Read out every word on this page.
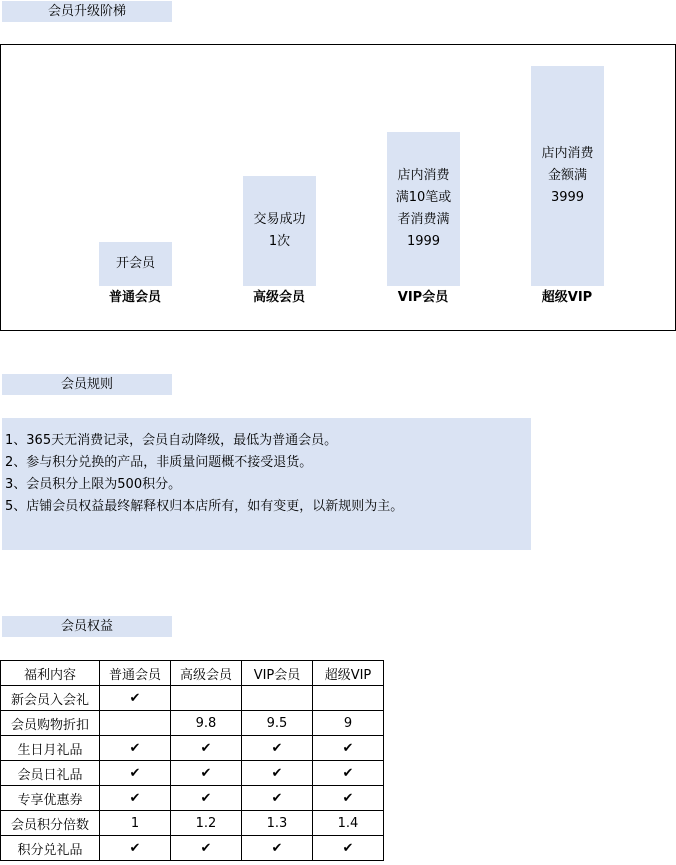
会员升级阶梯
开会员
交易成功
1次
店内消费
满10笔或
者消费满
1999
店内消费
金额满
3999
普通会员	高级会员	VIP会员	超级VIP
会员规则
1、365天无消费记录，会员自动降级，最低为普通会员。
2、参与积分兑换的产品，非质量问题概不接受退货。
3、会员积分上限为500积分。
5、店铺会员权益最终解释权归本店所有，如有变更，以新规则为主。
会员权益
福利内容	普通会员	高级会员	VIP会员	超级VIP
新会员入会礼	✔			
会员购物折扣		9.8	9.5	9
生日月礼品	✔	✔	✔	✔
会员日礼品	✔	✔	✔	✔
专享优惠券	✔	✔	✔	✔
会员积分倍数	1	1.2	1.3	1.4
积分兑礼品	✔	✔	✔	✔
